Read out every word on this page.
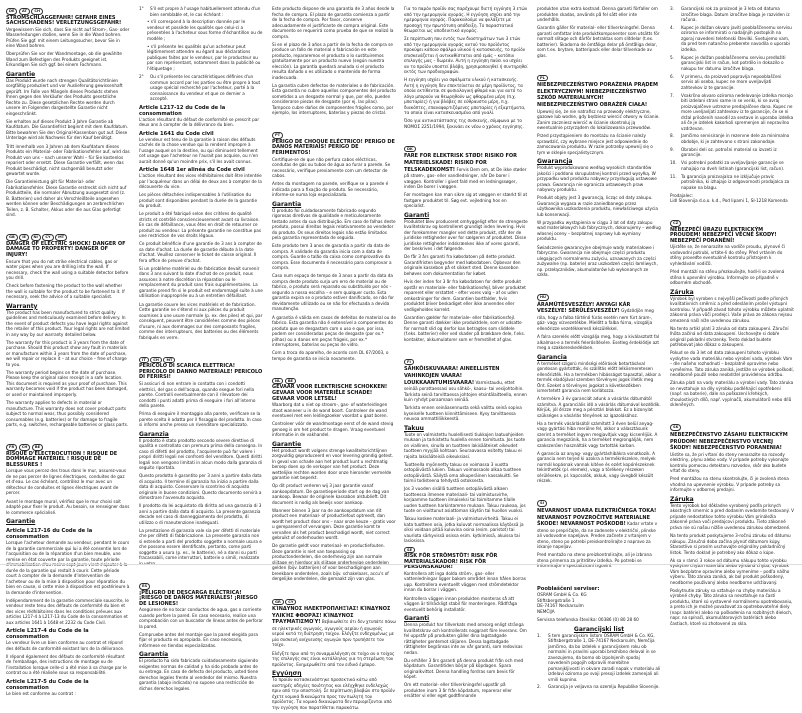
DE	AT	CH
STROMSCHLAGGEFAHR! GEFAHR EINES SACHSCHADENS! VERLETZUNGSGEFAHR!
Vergewissern Sie sich, dass Sie nicht auf Strom-, Gas- oder Wasserleitungen stoßen, wenn Sie in die Wand bohren. Prüfen Sie ggf. mit einem Leitungssucher, bevor Sie in eine Wand bohren.
Überprüfen Sie vor der Wandmontage, ob die gewählte Wand zum Befestigen des Produkts geeignet ist. Erkundigen Sie sich ggf. bei einem Fachmann.
Garantie
Das Produkt wurde nach strengen Qualitätsrichtlinien sorgfältig produziert und vor Auslieferung gewissenhaft geprüft. Im Falle von Mängeln dieses Produkts stehen Ihnen gegen den Verkäufer des Produkts gesetzliche Rechte zu. Diese gesetzlichen Rechte werden durch unsere im Folgenden dargestellte Garantie nicht eingeschränkt.
Sie erhalten auf dieses Produkt 3 Jahre Garantie ab Kaufdatum. Die Garantiefrist beginnt mit dem Kaufdatum. Bitte bewahren Sie den Original-Kassenbon gut auf. Diese Unterlage wird als Nachweis für den Kauf benötigt.
Tritt innerhalb von 3 Jahren ab dem Kaufdatum dieses Produkts ein Material- oder Fabrikationsfehler auf, wird das Produkt von uns – nach unserer Wahl – für Sie kostenlos repariert oder ersetzt. Diese Garantie verfällt, wenn das Produkt beschädigt, nicht sachgemäß benutzt oder gewartet wurde.
Die Garantieleistung gilt für Material- oder Fabrikationsfehler. Diese Garantie erstreckt sich nicht auf Produktteile, die normaler Abnutzung ausgesetzt sind (z. B. Batterien) und daher als Verschleißteile angesehen werden können oder Beschädigungen an zerbrechlichen Teilen, z. B. Schalter, Akkus oder die aus Glas gefertigt sind.
GB	IE	NI	CY	MT
DANGER OF ELECTRIC SHOCK! DANGER OF DAMAGE TO PROPERTY! DANGER OF INJURY!
Ensure that you do not strike electrical cables, gas or water pipes when you are drilling into the wall. If necessary, check the wall using a suitable detector before you drill.
Check before fastening the product to the wall whether the wall is suitable for the product to be fastened to it. If necessary, seek the advice of a suitable specialist.
Warranty
The product has been manufactured to strict quality guidelines and meticulously examined before delivery. In the event of product defects you have legal rights against the retailer of this product. Your legal rights are not limited in any way by our warranty detailed below.
The warranty for this product is 3 years from the date of purchase. Should this product show any fault in materials or manufacture within 3 years from the date of purchase, we will repair or replace it – at our choice – free of charge to you.
The warranty period begins on the date of purchase. Please keep the original sales receipt in a safe location. This document is required as your proof of purchase. This warranty becomes void if the product has been damaged, or used or maintained improperly.
The warranty applies to defects in material or manufacture. This warranty does not cover product parts subject to normal wear, thus possibly considered consumables (e.g. batteries) or for damage to fragile parts, e.g. switches, rechargeable batteries or glass parts.
FR	CH	BE
RISQUE D'ÉLECTROCUTION ! RISQUE DE DOMMAGE MATÉRIEL ! RISQUE DE BLESSURES !
Lorsque vous percez des trous dans le mur, assurez-vous de ne pas percer de lignes électriques, conduites de gaz et d'eau. Le cas échéant, contrôlez le mur avec un détecteur de conduites et lignes électriques avant de percer.
Avant le montage mural, vérifiez que le mur choisi soit adapté pour fixer le produit. Au besoin, se renseigner dans le commerce spécialisé.
Garantie
Article L217-16 du Code de la consommation
Lorsque l'acheteur demande au vendeur, pendant le cours de la garantie commerciale qui lui a été consentie lors de l'acquisition ou de la réparation d'un bien meuble, une remise en état couverte par la garantie, toute période d'immobilisation d'au moins sept jours vient s'ajouter à la durée de la garantie qui restait à courir. Cette période court à compter de la demande d'intervention de l'acheteur ou de la mise à disposition pour réparation du bien en cause, si cette mise à disposition est postérieure à la demande d'intervention.
Indépendamment de la garantie commerciale souscrite, le vendeur reste tenu des défauts de conformité du bien et des vices rédhibitoires dans les conditions prévues aux articles L217-4 à L217-13 du Code de la consommation et aux articles 1641 à 1648 et 2232 du Code Civil.
Article L217-4 du Code de la consommation
Le vendeur livre un bien conforme au contrat et répond des défauts de conformité existant lors de la délivrance.
Il répond également des défauts de conformité résultant de l'emballage, des instructions de montage ou de l'installation lorsque celle-ci a été mise à sa charge par le contrat ou a été réalisée sous sa responsabilité.
Article L217-5 du Code de la consommation
Le bien est conforme au contrat :
1°	S'il est propre à l'usage habituellement attendu d'un bien semblable et, le cas échéant :
• s'il correspond à la description donnée par le vendeur et possède les qualités que celui-ci a présentées à l'acheteur sous forme d'échantillon ou de modèle ;
• s'il présente les qualités qu'un acheteur peut légitimement attendre eu égard aux déclarations publiques faites par le vendeur, par le producteur ou par son représentant, notamment dans la publicité ou l'étiquetage ;
2°	Ou s'il présente les caractéristiques définies d'un commun accord par les parties ou être propre à tout usage spécial recherché par l'acheteur, porté à la connaissance du vendeur et que ce dernier a accepté.
Article L217-12 du Code de la consommation
L'action résultant du défaut de conformité se prescrit par deux ans à compter de la délivrance du bien.
Article 1641 du Code civil
Le vendeur est tenu de la garantie à raison des défauts cachés de la chose vendue qui la rendent impropre à l'usage auquel on la destine, ou qui diminuent tellement cet usage que l'acheteur ne l'aurait pas acquise, ou n'en aurait donné qu'un moindre prix, s'il les avait connus.
Article 1648 1er alinéa du Code civil
L'action résultant des vices rédhibitoires doit être intentée par l'acquéreur dans un délai de deux ans à compter de la découverte du vice.
Les pièces détachées indispensables à l'utilisation du produit sont disponibles pendant la durée de la garantie du produit.
Le produit a été fabriqué selon des critères de qualité stricts et contrôlé consciencieusement avant sa livraison. En cas de défaillance, vous êtes en droit de retourner ce produit au vendeur. La présente garantie ne constitue pas une restriction de vos droits légaux.
Ce produit bénéficie d'une garantie de 3 ans à compter de sa date d'achat. La durée de garantie débute à la date d'achat. Veuillez conserver le ticket de caisse original. Il fera office de preuve d'achat.
Si un problème matériel ou de fabrication devait survenir dans 3 ans suivant la date d'achat de ce produit, nous assurons à notre discrétion la réparation ou le remplacement du produit sans frais supplémentaires. La garantie prend fin si le produit est endommagé suite à une utilisation inappropriée ou à un entretien défaillant.
La garantie couvre les vices matériels et de fabrication. Cette garantie ne s'étend ni aux pièces du produit soumises à une usure normale (p. ex. des piles) et qui, par conséquent, peuvent être considérées comme des pièces d'usure, ni aux dommages sur des composants fragiles, comme des interrupteurs, des batteries ou des éléments fabriqués en verre.
IT	CH	MT
PERICOLO DI SCARICA ELETTRICA! PERICOLO DI DANNO MATERIALE! PERICOLO DI FERIRSI!
Si assicuri di non entrare in contatto con i condotti elettrici, del gas o dell'acqua, quando esegue fori nella parete. Controlli eventualmente con il rilevatore dei condotti i punti adatti prima di eseguire i fori all'interno della parete.
Prima di eseguire il montaggio alla parete, verificare se la parete scelta è adatta per il fissaggio del prodotto. In caso si informi anche presso un rivenditore specializzato.
Garanzia
Il prodotto è stato prodotto secondo severe direttive di qualità e controllato con premura prima della consegna. In caso di difetti del prodotto, l'acquirente può far valere i propri diritti legali nei confronti del venditore. Questi diritti legali non vengono limitati in alcun modo dalla garanzia di seguito riportata.
Questo prodotto è garantito per 3 anni a partire dalla data di acquisto. Il termine di garanzia ha inizio a partire dalla data di acquisto. Conservare lo scontrino di acquisto originale in buone condizioni. Questo documento servirà a dimostrare l'avvenuto acquisto.
Il prodotto da lei acquistato dà diritto ad una garanzia di 3 anni a partire dalla data di acquisto. La presente garanzia decade nel caso di danneggiamento del prodotto, di utilizzo o di manutenzione inadeguati.
La prestazione di garanzia vale sia per difetti di materiale che per difetti di fabbricazione. La presente garanzia non si estende a parti del prodotto soggette a normale usura e che possono essere identificate, pertanto, come parti soggette a usura (p. es., le batterie), né a danni su parti fracassabili, come interruttori, batterie o simili, realizzate in vetro.
ES
¡PELIGRO DE DESCARGA ELÉCTRICA! ¡RIESGO DE DAÑOS MATERIALES! ¡RIESGO DE LESIONES!
Asegúrese de no tocar conductos de agua, gas o corriente cuando perfore la pared. En caso necesario, realice una comprobación con un buscador de líneas antes de perforar la pared.
Compruebe antes del montaje que la pared elegida para fijar el producto es apropiada. En caso necesario, infórmese en tiendas especializadas.
Garantía
El producto ha sido fabricado cuidadosamente siguiendo exigentes normas de calidad y ha sido probado antes de su entrega. En caso de defecto del producto, usted tiene derechos legales frente al vendedor del mismo. Nuestra garantía (abajo indicada) no supone una restricción de dichos derechos legales.
Este producto dispone de una garantía de 3 años desde la fecha de compra. El plazo de garantía comienza a partir de la fecha de compra. Por favor, conserve adecuadamente el justificante de compra original. Este documento se requerirá como prueba de que se realizó la compra.
Si en el plazo de 3 años a partir de la fecha de compra se produce un fallo de material o fabricación en este producto, repararemos el producto o lo sustituiremos gratuitamente por un producto nuevo (según nuestra elección). La garantía quedará anulada si el producto resulta dañado o es utilizado o mantenido de forma inadecuada.
La garantía cubre defectos de materiales o de fabricación. Esta garantía no cubre aquellos componentes del producto sometidos a un desgaste normal y que, por ello, pueden considerarse piezas de desgaste (por ej. las pilas). Tampoco cubre daños de componentes frágiles como, por ejemplo, los interruptores, baterías y piezas de cristal.
PT
PERIGO DE CHOQUE ELÉCTRICO! PERIGO DE DANOS MATERIAIS! PERIGO DE FERIMENTOS!
Certifique-se de que não perfura cabos eléctricos, condutas de gás ou tubos de água ao furar a parede. Se necessário, verifique previamente com um detector de cabos.
Antes da montagem na parede, verifique se a parede é indicada para a fixação do produto. Se necessário, informe-se numa loja especializada.
Garantia
O produto foi cuidadosamente fabricado segundo rigorosas diretivas de qualidade e meticulosamente testado antes da sua distribuição. Em caso de falhas deste produto, possui direitos legais relativamente ao vendedor do produto. Os seus direitos legais não estão limitados pela garantia representada de seguida.
Este produto tem 3 anos de garantia a partir da data de compra. A validade da garantia inicia com a data de compra. Guarde o talão da caixa como comprovativo da compra. Esse documento é necessário para comprovar a compra.
Caso num espaço de tempo de 3 anos a partir da data da compra deste produto surja um erro de material ou de fabrico, o produto será reparado ou substituído por nós – segundo a nossa escolha – e sem qualquer custo. Esta garantia expira se o produto estiver danificado, se não for devidamente utilizado ou se não for efectuada a devida manutenção.
A garantia é válida em casos de defeitos de material ou de fabrico. Esta garantia não é extensível a componentes do produto que se desgastam com o uso e que, por isso, podem ser consideradas peças de desgaste (por ex.* pilhas) ou a danos em peças frágeis, por ex.* interruptores, baterias ou peças de vidro.
Com a troca do aparelho, de acordo com DL 67/2003, o tempo de garantia se inicia novamente.
NL	BE
GEVAAR VOOR ELEKTRISCHE SCHOKKEN! GEVAAR VOOR MATERIËLE SCHADE! GEVAAR VOOR LETSEL!
Waarborg dat u niet op stroom-, gas- of waterleidingen stoot wanneer u in de wand boort. Controleer de wand eventueel met een leidingzoeker voordat u gaat boren.
Controleer vóór de wandmontage eerst of de wand stevig genoeg is om het product te dragen. Vraag eventueel informatie in de vakhandel.
Garantie
Het product wordt volgens strenge kwaliteitsrichtlijnen zorgvuldig geproduceerd en voor levering grondig getest. In geval van schade aan het product kunt u rechtmatig beroep doen op de verkoper van het product. Deze wettelijke rechten worden door onze hieronder vermelde garantie niet beperkt.
Op dit product verleren wij 3 jaar garantie vanaf aankoopdatum. De garantieperiode start op de dag van aankoop. Bewaar de originele kassabon alstublieft. Dit document is nodig als bewijs voor aankoop.
Wanneer binnen 3 jaar na de aankoopdatum van dit product een materiaal- of productiefout optreedt, dan wordt het product door ons – naar onze keuze – gratis voor u gerepareerd of vervangen. Deze garantie komt te vervallen als het product beschadigd wordt, niet correct gebruikt of onderhouden wordt.
De garantie geldt voor materiaal- en productiefouten. Deze garantie is niet van toepassing op productonderdelen, die onderhevig zijn aan normale slijtage en hierdoor als slijtage onderhevige onderdelen gelden (bijv. batterijen) of voor beschadigingen aan breekbare onderdelen, zoals bijv. schakelaars, accu's of dergelijke onderdelen, die gemaakt zijn van glas.
GR	CY
ΚΊΝΔΥΝΟΣ ΗΛΕΚΤΡΟΠΛΗΞΊΑΣ! ΚΊΝΔΥΝΟΣ ΥΛΙΚΉΣ ΦΘΟΡΆΣ! ΚΊΝΔΥΝΟΣ ΤΡΑΥΜΑΤΙΣΜΟΎ! Βεβαιωθείτε ότι δεν χτυπάτε πάνω σε ηλεκτρικές αγωγούς, αγωγούς αερίου ή αγωγούς νερού κατά τη διάτρηση τοίχου. Ελέγξτε ενδεχομένως με μία συσκευή ανίχνευσης αγωγών πριν τρυπήσετε τον τοίχο.
Ελέγξτε πριν από τη συναρμολόγηση σε τοίχο αν ο τοίχος της επιλογής σας είναι κατάλληλος για τη στερέωση του προϊόντος. Ενημερωθείτε από τον ειδικό έμπορο.
Εγγύηση
Το προϊόν κατασκευάστηκε προσεκτικά κάτω από αυστηρές οδηγίες ποιότητας και ελέγχθηκε ενδελεχώς πριν από την αποστολή. Σε περίπτωση βλαβών στο προϊόν έχετε νομικά δικαιώματα προς τον πωλητή του προϊόντος. Τα νομικά δικαιώματα δεν περιορίζονται από την εγγύηση που παρατίθεται παρακάτω.
Για το παρόν προϊόν σας παρέχουμε διετή εγγύηση 3 ετών από την ημερομηνία αγοράς. Η εγγύηση ισχύει από την ημερομηνία αγοράς. Παρακαλούμε να φυλάξετε με προσοχή την πρωτότυπη απόδειξη. Το παραστατικό θεωρείται ως αποδεικτικό αγοράς.
Σε περίπτωση που εντός των διαστημάτων των 3 ετών από την ημερομηνία αγοράς αυτού του προϊόντος προκύψει κάποιο σφάλμα υλικού ή κατασκευής, το προϊόν επισκευάζεται ή αντικαθίσταται από εμάς – κατόπιν επιλογής μας – δωρεάν. Αυτή η εγγύηση παύει να ισχύει αν το προϊόν υποστεί βλάβη, χρησιμοποιηθεί ή συντηρηθεί εκτός των προδιαγραφών.
Η εγγύηση ισχύει για σφάλματα υλικού ή κατασκευής. Αυτή η εγγύηση δεν επεκτείνεται σε μέρη προϊόντος, τα οποία εκτίθενται σε φυσιολογική φθορά και για αυτό το λόγο μπορούν να θεωρηθούν ως φθαρμένα μέρη (π.χ. μπαταρίες) ή για βλάβες σε εύθραυστα μέρη, π.χ. διακόπτες, επαναφορτιζόμενες μπαταρίες ή εξαρτήματα, τα οποία είναι κατασκευασμένα από γυαλί.
Όσο για αντικατάστασης της συσκευής, σύμφωνα με το ΝΟΜΟΣ 2251/1994, ξεκινάει εκ νέου ο χρόνος εγγύησης.
DK
FARE FOR ELEKTRISK STØD! RISIKO FOR MATERIELSKADE! RISIKO FOR TELSKADEKOMST! Forvis Dem om, at De ikke støder på strøm-, gas- eller vandledninger, når De borer i væggen. Kontroller i givet fald med en ledningssøger, inden De borer i væggen.
Før montagen kan man sikre sig at væggen er stærkt til at fastgøre produktet til. Søg evt. vejledning hos en specialist.
Garanti
Produktet blev produceret omhyggeligt efter de strengeste kvalitetskrav og kontrolleret grundigt inden levering. Hvis der forekommer mangler ved dette produkt, står der de juridiske rettigheder over for sælgeren af produktet. Disse juridiske rettigheder indskrænkes ikke af vores garanti, der beskrives i det følgende.
De får 3 års garanti fra købsdatoen på dette produkt. Garantifristen begynder med købsdatoen. Opbevar den originale kassebon på et sikkert sted. Denne kassebon behøves som dokumentation for købet.
Hvis der inden for 3 år fra købsdatoen for dette produkt opstår en materiale- eller fabrikationsfejl, bliver produktet repareret eller erstattet – efter vores valg – af os uden omkostninger for dem. Garantien bortfalder, hvis produktet bliver beskadiget eller ikke anvendes eller vedligeholdes korrekt.
Garantien gælder for materiale- eller fabrikationsfejl. Denne garanti dækker ikke produktdele, som er udsatte for normalt slid og derfor kan betragtes som sliddele (f.eks. batterier) eller ved skader på brækbare dele, f.eks. kontakter, akkumulatorer som er fremstillet af glas.
FI
SÄHKÖISKUVAARA! AINEELLISTEN VAHINKOJEN VAARA! LOUKKAANTUMISVAARA! Varmistaudu, ettet seinää porattaessasi osu sähkö-, kaasu- tai vesijohtoihin. Tarkista seinä tarvittaessa johtojen etsintälaitteella, ennen kuin ryhdyt poraamaan seinää.
Tarkista ennen seinäasennusta sekä valittu seinä sopiva kyseiselle tuotteen kiinnittämiseen. Kysy tarvittaessa neuvoa ammattiliikkeestä.
Takuu
Tuote on valmistettu huolellisesti tiukkojen laatuohjeiden mukaan ja tarkistettu huolella ennen toimitusta. Jos tuote on viallinen, sinulla on tuotteen lakisääteiset oikeudet tuotteen myyjää kohtaan. Seuraavassa esitetty takuu ei rajoita lakisääteisiä oikeuksiasi.
Tuotteella myönnetty takuu on voimassa 3 vuotta ostopäivästä lukien. Takuun voimassaolo alkaa tuotteen ostopäivästä. Säilytä oma alkuperäinen kassakuitti. Se toimii todisteena tehdystä ostoksesta.
Jos 3 vuoden sisällä tuotteen ostopäivästä alkaen tuotteessa ilmenee materiaali- tai valmistusvirhe, korjaamme tuotteen ilmaiseksi tai toimitamme tilalle uuden tuotteen harkintamme mukaan. Takuu raukeaa, jos tuote on vioittunut asiattoman käytön tai huollon vuoksi.
Takuu koskee materiaali- ja valmistusvirheitä. Takuu ei kata tuotteen osia, jotka kuluvat normaalissa käytössä ja siksi voidaan pitää kuluvina osina (esim. paristot) tai vauriota särkyvissä osissa esim. kytkimissä, akuissa tai lasiosissa.
SE
RISK FÖR STRÖMSTÖT! RISK FÖR MATERIALSKADOR! RISK FÖR PERSONSKADOR!
Kontrollera att inga dolda ström-, gas- eller vattenledningar ligger bakom området innan hålen borras upp. Kontrollera eventuellt väggen med strömdetektor innan du borrar i väggen.
Kontrollera väggen innan produkten monteras så att väggen är tillräckligt stabil för monteringen. Rådfråga eventuellt behörig installatör.
Garanti
Denna produkt har tillverkats med omsorg enligt stränga kvalitetskrav och kontrollerats noggrant före leverans. Om fel uppstår på produkten gäller dina lagstadgade rättigheter gentemot säljaren. Dessa lagstadgade rättigheter begränsas inte av vår garanti, som redovisas nedan.
Du erhåller 3 års garanti på denna produkt från och med köpdatum. Garantitiden börjar på köpdagen. Spara originalkvittot. Denna handling fordras som bevis för köpet.
Om ett material- eller tillverkningsfel uppstår på produkten inom 3 år från köpdatum, reparerar eller ersätter vi eller eget godtfinnande
produkten utan extra kostnad. Denna garanti förfaller om produkten skadas, används på fel sätt eller inte underhålls.
Garantin gäller för material- eller tillverkningsfel. Denna garanti omfattar inte produktkomponenter som utsätts för normalt slitage och därför betraktas som slitdelar (t.ex. batterier). Skadorna de ömtåliga delar på ömtåliga delar, som t.ex. brytare, batteripack eller delar tillverkade av glas.
PL
NIEBEZPIECZEŃSTWO PORAŻENIA PRĄDEM ELEKTRYCZNYM! NIEBEZPIECZEŃSTWO SZKÓD MATERIALNYCH! NIEBEZPIECZEŃSTWO OBRAŻEŃ CIAŁA! Upewnij się, że nie natrafisz na przewody elektryczne, gazowe lub wodne, gdy będziesz wiercić otwory w ścianie. Zanim zaczniesz wiercić w ścianie skontroluj ją ewentualnie przyrządem do lokalizowania przewodów.
Przed przystąpieniem do montażu na ścianie należy sprawdzić, czy wybrane miejsce jest odpowiednie do zamocowania produktu. W razie potrzeby upewnij się o tym w sklepie specjalistycznym.
Gwarancja
Produkt wyprodukowano według wysokich standardów jakości i poddano skrupulatnej kontroli przed wysyłką. W przypadku wad produktu nabywcy przysługują ustawowe prawa. Gwarancja nie ogranicza ustawowych praw nabywcy produktu.
Produkt objęty jest 3 gwarancją, licząc od daty zakupu. Gwarancja wygasa w razie zaniedbanego przez użytkownika uszkodzenia produktu, niewłaściwego użycia lub konserwacji.
W przypadku wystąpienia w ciągu 3 lat od daty zakupu wad materiałowych lub fabrycznych, dokonujemy – według własnej oceny – bezpłatnej naprawy lub wymiany produktu.
Świadczenie gwarancyjne obejmuje wady materiałowe i fabryczne. Gwarancja nie obejmuje części produktu ulegających normalnemu zużyciu, uznawanych za części zużywalne (np. baterie) oraz uszkodzeń części łamliwych, np. przełączników, akumulatorów lub wykonanych ze szkła.
HU
ÁRAMÜTÉSVESZÉLY! ANYAGI KÁR VESZÉLYE! SÉRÜLÉSVESZÉLY! Győződjön meg róla, hogy a falba történő fúrás esetén nem fúrt áram-, gáz- vagy vízvezetékbe. Mielőtt a falba fúrna, vizsgálja ellenőrizze vezetékkereső készülékkel.
A falra szerelés előtt vizsgálja meg, hogy a kiválasztott fal alkalmas-e a termék felerősítésére. Esetleg érdeklődje azt meg a szakkereskedésben.
Garancia
A terméket szigorú minőségi előírások betartásával gondosan gyártották, és szállítás előtt lelkiismeretesen ellenőrizték. Ha a termékben hibásságot tapasztal, akkor a termék eladójával szemben törvényes jogok illetik meg Önt. Ezeket a törvényes jogokat a következőkben ismertetett garancia nem korlátozza.
A termékre 3 év garanciát adunk a vásárlás dátumától számítva. A garanciális idő a vásárlás dátumával kezdődik. Kérjük, jól őrizze meg a pénztári blokkot. Ez a bizonylat szükséges a vásárlás tényének az igazolásához.
Ha a termék vásárlásától számított 3 éven belül anyag- vagy gyártási hiba merülne fel, akkor a választásunk szerint a terméket ingyen megjavítjuk vagy kicseréljük. A garancia megszűnik, ha a terméket megrongálják, nem szakszerűen használták vagy tartották karban.
A garancia az anyag- vagy gyártáshibákra vonatkozik. A garancia nem terjed ki azokra a termékrészekre, melyek normál kopásnak vannak kitéve és ezért kopórészeknek tekinthetők (pl. elemek), vagy a törékeny részeken sérülésekre, pl. kapcsolók, akkuk, vagy üvegből készült részek.
SI
NEVARNOST UDARA ELEKTRIČNEGA TOKA! NEVARNOST POVZROČITVE MATERIALNE ŠKODE! NEVARNOST POŠKODB! Kadar vrtate v steno se prepričajte, da ne zadenete v električni, plinske ali vodovodne napeljave. Preden začnete z vrtanjem v steno, steno po potrebi preiskontrolirajte z napravo za iskanje napeljav.
Pred montažo na steno preizkontrolirajte, ali je izbrana stena primerna za pritrditev izdelka. Po potrebi se informirajte v specializirani trgovini.
Pooblaščeni serviser:
OSRAM GmbH & Co. KG
Stiftsbergstraße 1
DE-74167 Neckarsulm
NEMČIJA
Servisna telefonska številka: 00386 (0) 80 28 60
Garancijski list
1.	S tem garancijskim listom OSRAM GmbH & Co. KG, Stiftsbergstraße 1, DE-74167 Neckarsulm, Nemčija jamčimo, da bo izdelek v garancijskem roku ob normalni in pravilni uporabi brezhibno deloval in se zavezujemo, da bomo ob izpolnjenih spodaj navedenih pogojih odpravili morebitne pomanjkljivosti in okvare zaradi napak v materialu ali izdelavi oziroma po svoji presoji izdelek zamenjali ali vrnili kupnino.
2.	Garancija je veljavna na ozemlju Republike Slovenije.
3.	Garancijski rok za proizvod je 3 leta od datuma izročitve blaga. Datum izročitve blaga je razviden iz računa.
4.	Kupec je dolžan okvaro javiti pooblaščenemu servisu oziroma se informirati o nadaljnjih postopkih na zgoraj navedeni telefonski številki. Svetujemo vam, da pred tem natančno preberete navodila o uporabi izdelka.
5.	Kupec je dolžan pooblaščenemu servisu predložiti garancijski list in račun, kot potrdilo in dokazilo o nakupu ter datumu izročitve blaga.
6.	V primeru, da proizvod popravlja nepooblaščeni servis ali oseba, kupec ne more uveljavljati zahtevkov iz te garancije.
7.	Vsakršno okvaro oziroma nedelovanje izdelka morajo biti izdelani strani same in se veriki, ki se avraj proizvajalčeve ustrezne predajalčeve dana. Kupec ne more uveljavljati zahtevkov iz te garancije, če se ni držal priloženih navodil za sestavo in uporabo izdelka ali če je izdelek kakorkoli spremenjen ali nepravilno vzdrževan.
8.	Jamčimo servisiranje in rezervne dele za minimalno obdobje, ki je zahtevano s strani zakonodaje.
9.	Obrabni deli oz. potrošni material so izvzeti iz garancije.
10.	Vsi potrebni podatki za uveljavljanje garancije se nahajajo na dveh listinah (garancijski list, račun).
11.	Ta garancija proizvajalca ne izključuje pravic potrošnika, ki izhajajo iz odgovornosti prodajalca za napake na blagu.
Prodajalec:
Lidl Slovenija d.o.o. k.d., Pod lipami 1, SI-1218 Komenda
CZ
NEBEZPEČÍ ÚRAZU ELEKTRICKÝM PROUDEM! NEBEZPEČÍ VĚCNÉ ŠKODY! NEBEZPEČÍ PORANĚNÍ!
Ujistěte se, že nenarazíte na vodiče proudu, plynové či vodovodní potrubí, vrtáte-li do stěny. Před vrtáním do stěny proveďte eventuálně kontrolu přístrojem k vyhledávání vodičů.
Před montáží na stěnu přezkoušejte, hodí-li se zvolená stěna k upevnění výrobku. Informujte se případně v odborném obchodě.
Záruka
Výrobek byl vyroben s nejvyšší pečlivostí podle přísných kvalitativních směrnic a před odesláním prošel výstupní kontrolou. V případě závad tohoto výrobku můžete uplatnit zákonná práva vůči prodejci. Vaše práva ze zákona nejsou omezená naší níže uvedenou zárukou.
Na tento artikl platí 3 záruka od data zakoupení. Záruční lhůta začíná od data zakoupení. Uschovejte si dobře originál pokladní stvrzenky. Tento doklad budete potřebovat jako důkaz o zakoupení.
Pokud se do 3 let od data zakoupení tohoto výrobku vyskytne vada materiálu nebo výrobní vada, výrobek Vám – dle našeho rozhodnutí – bezplatně opravíme nebo vyměníme. Tato záruka zaniká, jestliže se výrobek poškodí, neodborně použil nebo neobdržel pravidelnou údržbu.
Záruka platí na vady materiálu a výrobní vady. Tato záruka se nevztahuje na díly výrobku podléhající opotřebení (např. na baterie), dále na poškození křehkých, choulostivých dílů, např. vypínačů, akumulátorů nebo dílů skleněných.
SK
NEBEZPEČENSTVO ZÁSAHU ELEKTRICKÝM PRÚDOM! NEBEZPEČENSTVO VECNEJ ŠKODY! NEBEZPEČENSTVO PORANENIA! Uistite sa, že pri vŕtaní do steny nenarazíte na rozvody elektriny, plynu alebo vody. V prípade potreby vykonajte kontrolu pomocou detektoru rozvodov, skôr ako budete vŕtať do steny.
Pred montážou na stenu skontrolujte, či je zvolená stena vhodná na upevnenie výrobku. V prípade potreby sa informujte v odbornej predajni.
Záruka
Tento výrobok bol dôkladne vyrobený podľa prísnych akostných smerníc a pred dodaním svedomite testovaný. V prípade nedostatkov tohto výrobku Vám prináležia zákonné práva voči predajcovi produktu. Tieto zákonné práva nie sú našou nižšie uvedenou zárukou obmedzené.
Na tento produkt poskytujeme 3-ročnú záruku od dátumu nákupu. Záručná doba začína plynúť dátumom kúpy. Starostlivo si prosím uschovajte originálny pokladničný lístok. Tento doklad je potrebný ako dôkaz o kúpe.
Ak sa v rámci 3 rokov od dátumu nákupu tohto výrobku vyskytne chyba materiálu alebo výrobná chyba, výrobok Vám bezplatne opravíme alebo vymeníme – podľa nášho výberu. Táto záruka zaniká, ak bol produkt poškodený, neodborne používaný alebo neodborne udržiavaný.
Poskytnutie záruky sa vzťahuje na chyby materiálu a výrobné chyby. Táto záruka sa nevzťahuje na časti produktu, ktoré sú vystavené normálnemu opotrebovaniu, a preto ich je možné považovať za opotrebovateľné diely (napr. batérie) alebo na poškodenia na rozbitných dieloch, napr. na spínači, akumulátorových batériách alebo častiach, ktoré sú zhotovené zo skla.
